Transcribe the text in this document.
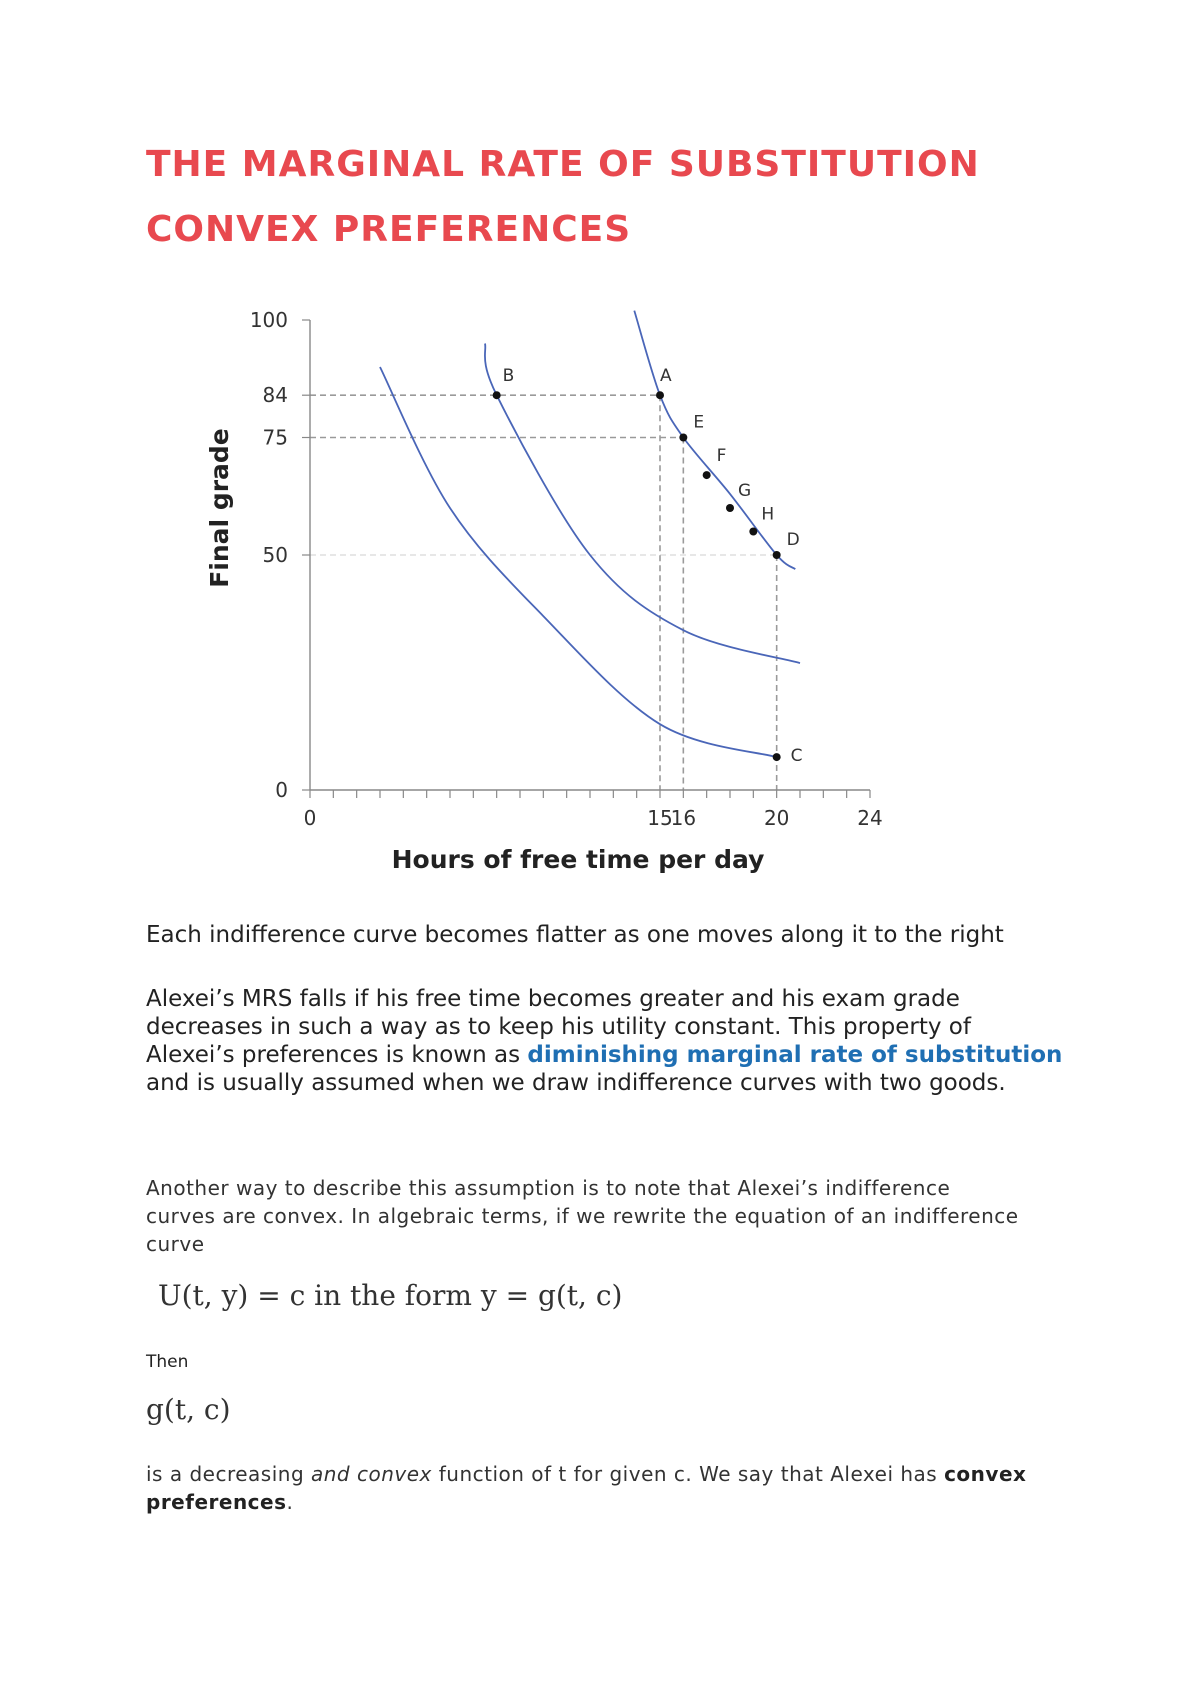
THE MARGINAL RATE OF SUBSTITUTION
CONVEX PREFERENCES
0	15
16	20	24
0
50
75
84
100
Hours of free time per day
Final grade
A
B
E
F
G
H
D
C

Each indifference curve becomes flatter as one moves along it to the right

Alexei’s MRS falls if his free time becomes greater and his exam grade decreases in such a way as to keep his utility constant. This property of Alexei’s preferences is known as diminishing marginal rate of substitution and is usually assumed when we draw indifference curves with two goods.

Another way to describe this assumption is to note that Alexei’s indifference curves are convex. In algebraic terms, if we rewrite the equation of an indifference curve

U(t, y) = c in the form y = g(t, c)

Then

g(t, c)

is a decreasing and convex function of t for given c. We say that Alexei has convex preferences.
